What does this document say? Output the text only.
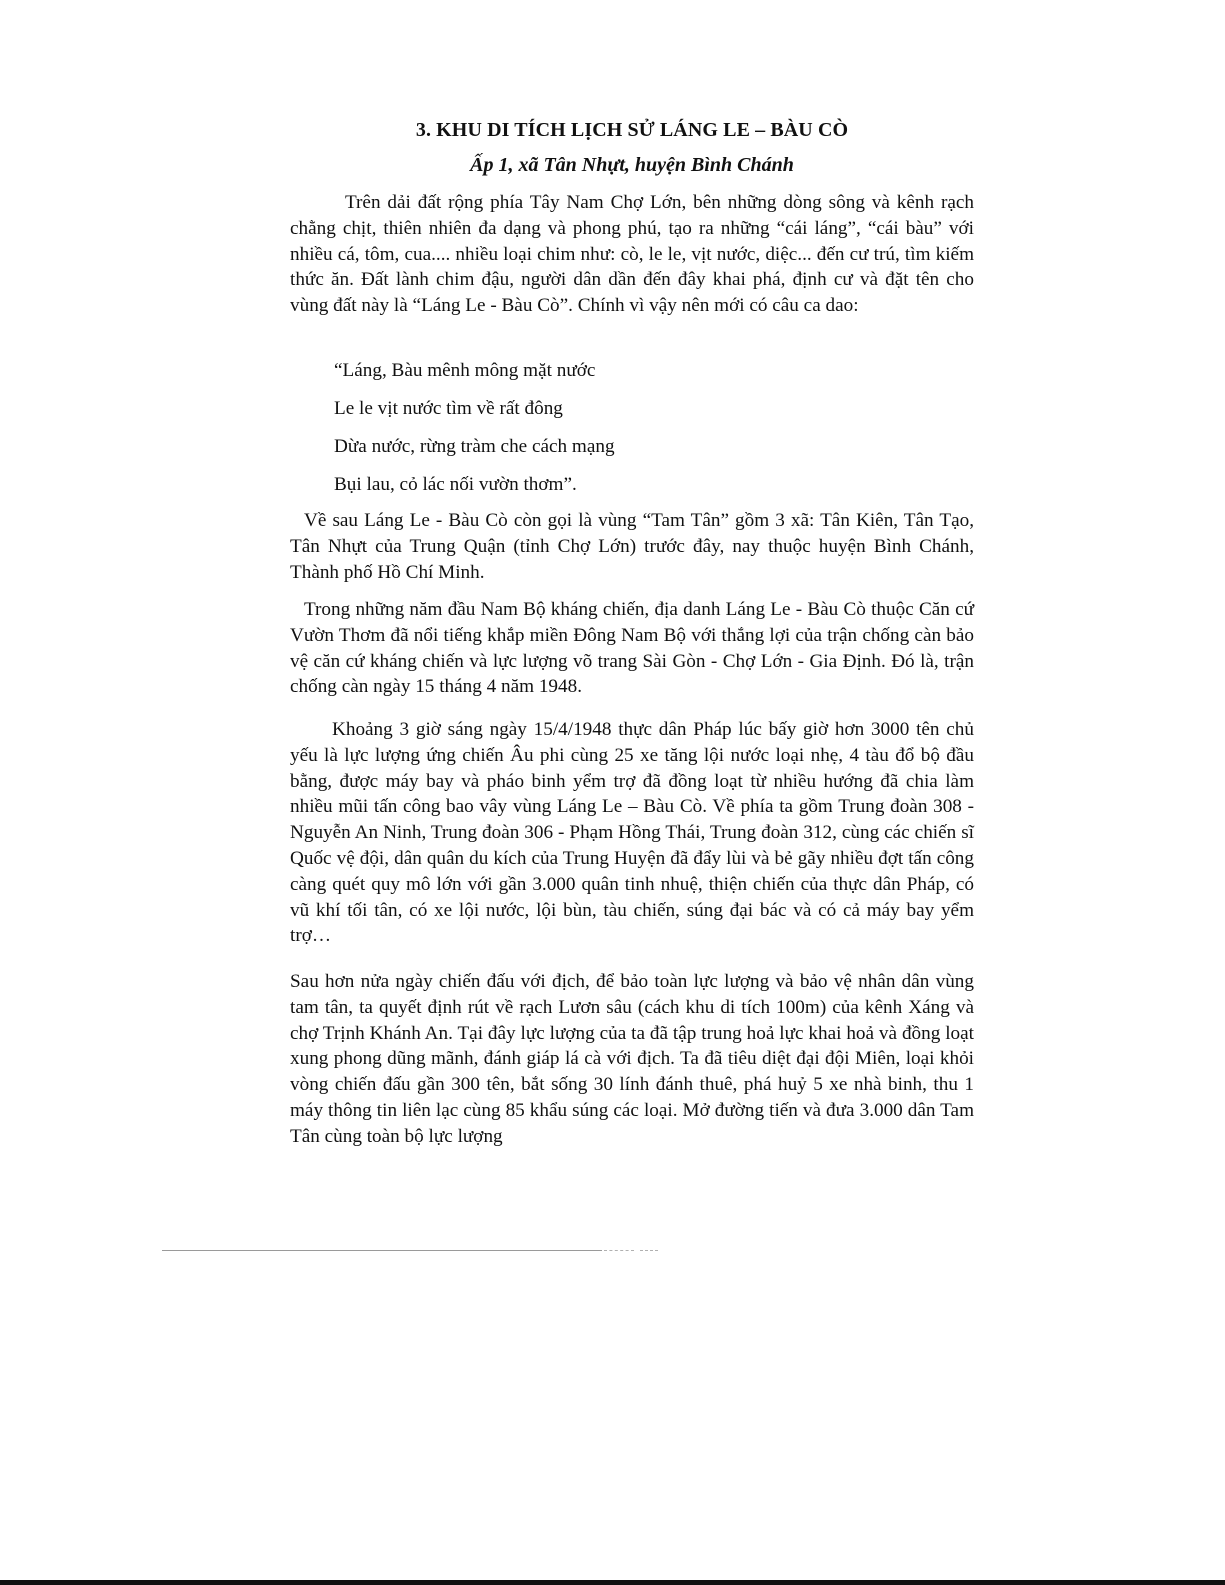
3. KHU DI TÍCH LỊCH SỬ LÁNG LE – BÀU CÒ
Ấp 1, xã Tân Nhựt, huyện Bình Chánh

Trên dải đất rộng phía Tây Nam Chợ Lớn, bên những dòng sông và kênh rạch chằng chịt, thiên nhiên đa dạng và phong phú, tạo ra những “cái láng”, “cái bàu” với nhiều cá, tôm, cua.... nhiều loại chim như: cò, le le, vịt nước, diệc... đến cư trú, tìm kiếm thức ăn. Đất lành chim đậu, người dân dần đến đây khai phá, định cư và đặt tên cho vùng đất này là “Láng Le - Bàu Cò”. Chính vì vậy nên mới có câu ca dao:

“Láng, Bàu mênh mông mặt nước

Le le vịt nước tìm về rất đông

Dừa nước, rừng tràm che cách mạng

Bụi lau, cỏ lác nối vườn thơm”.

Về sau Láng Le - Bàu Cò còn gọi là vùng “Tam Tân” gồm 3 xã: Tân Kiên, Tân Tạo, Tân Nhựt của Trung Quận (tỉnh Chợ Lớn) trước đây, nay thuộc huyện Bình Chánh, Thành phố Hồ Chí Minh.

Trong những năm đầu Nam Bộ kháng chiến, địa danh Láng Le - Bàu Cò thuộc Căn cứ Vườn Thơm đã nổi tiếng khắp miền Đông Nam Bộ với thắng lợi của trận chống càn bảo vệ căn cứ kháng chiến và lực lượng võ trang Sài Gòn - Chợ Lớn - Gia Định. Đó là, trận chống càn ngày 15 tháng 4 năm 1948.

Khoảng 3 giờ sáng ngày 15/4/1948 thực dân Pháp lúc bấy giờ hơn 3000 tên chủ yếu là lực lượng ứng chiến Âu phi cùng 25 xe tăng lội nước loại nhẹ, 4 tàu đổ bộ đầu bằng, được máy bay và pháo binh yểm trợ đã đồng loạt từ nhiều hướng đã chia làm nhiều mũi tấn công bao vây vùng Láng Le – Bàu Cò. Về phía ta gồm Trung đoàn 308 - Nguyễn An Ninh, Trung đoàn 306 - Phạm Hồng Thái, Trung đoàn 312, cùng các chiến sĩ Quốc vệ đội, dân quân du kích của Trung Huyện đã đẩy lùi và bẻ gãy nhiều đợt tấn công càng quét quy mô lớn với gần 3.000 quân tinh nhuệ, thiện chiến của thực dân Pháp, có vũ khí tối tân, có xe lội nước, lội bùn, tàu chiến, súng đại bác và có cả máy bay yểm trợ…

Sau hơn nửa ngày chiến đấu với địch, để bảo toàn lực lượng và bảo vệ nhân dân vùng tam tân, ta quyết định rút về rạch Lươn sâu (cách khu di tích 100m) của kênh Xáng và chợ Trịnh Khánh An. Tại đây lực lượng của ta đã tập trung hoả lực khai hoả và đồng loạt xung phong dũng mãnh, đánh giáp lá cà với địch. Ta đã tiêu diệt đại đội Miên, loại khỏi vòng chiến đấu gần 300 tên, bắt sống 30 lính đánh thuê, phá huỷ 5 xe nhà binh, thu 1 máy thông tin liên lạc cùng 85 khẩu súng các loại. Mở đường tiến và đưa 3.000 dân Tam Tân cùng toàn bộ lực lượng
